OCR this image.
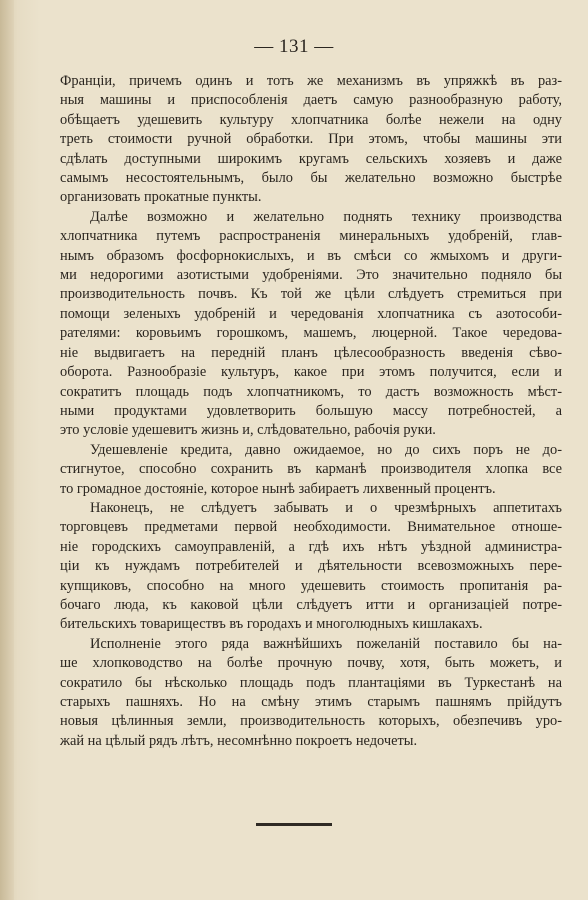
— 131 —
Франціи, причемъ одинъ и тотъ же механизмъ въ упряжкѣ въ раз-
ныя машины и приспособленія даетъ самую разнообразную работу,
обѣщаетъ удешевить культуру хлопчатника болѣе нежели на одну
треть стоимости ручной обработки. При этомъ, чтобы машины эти
сдѣлать доступными широкимъ кругамъ сельскихъ хозяевъ и даже
самымъ несостоятельнымъ, было бы желательно возможно быстрѣе
организовать прокатные пункты.
Далѣе возможно и желательно поднять технику производства
хлопчатника путемъ распространенія минеральныхъ удобреній, глав-
нымъ образомъ фосфорнокислыхъ, и въ смѣси со жмыхомъ и други-
ми недорогими азотистыми удобреніями. Это значительно подняло бы
производительность почвъ. Къ той же цѣли слѣдуетъ стремиться при
помощи зеленыхъ удобреній и чередованія хлопчатника съ азотособи-
рателями: коровьимъ горошкомъ, машемъ, люцерной. Такое чередова-
ніе выдвигаетъ на передній планъ цѣлесообразность введенія сѣво-
оборота. Разнообразіе культуръ, какое при этомъ получится, если и
сократитъ площадь подъ хлопчатникомъ, то дастъ возможность мѣст-
ными продуктами удовлетворить большую массу потребностей, а
это условіе удешевитъ жизнь и, слѣдовательно, рабочія руки.
Удешевленіе кредита, давно ожидаемое, но до сихъ поръ не до-
стигнутое, способно сохранить въ карманѣ производителя хлопка все
то громадное достояніе, которое нынѣ забираетъ лихвенный процентъ.
Наконецъ, не слѣдуетъ забывать и о чрезмѣрныхъ аппетитахъ
торговцевъ предметами первой необходимости. Внимательное отноше-
ніе городскихъ самоуправленій, а гдѣ ихъ нѣтъ уѣздной администра-
ціи къ нуждамъ потребителей и дѣятельности всевозможныхъ пере-
купщиковъ, способно на много удешевить стоимость пропитанія ра-
бочаго люда, къ каковой цѣли слѣдуетъ итти и организаціей потре-
бительскихъ товариществъ въ городахъ и многолюдныхъ кишлакахъ.
Исполненіе этого ряда важнѣйшихъ пожеланій поставило бы на-
ше хлопководство на болѣе прочную почву, хотя, быть можетъ, и
сократило бы нѣсколько площадь подъ плантаціями въ Туркестанѣ на
старыхъ пашняхъ. Но на смѣну этимъ старымъ пашнямъ прійдутъ
новыя цѣлинныя земли, производительность которыхъ, обезпечивъ уро-
жай на цѣлый рядъ лѣтъ, несомнѣнно покроетъ недочеты.
